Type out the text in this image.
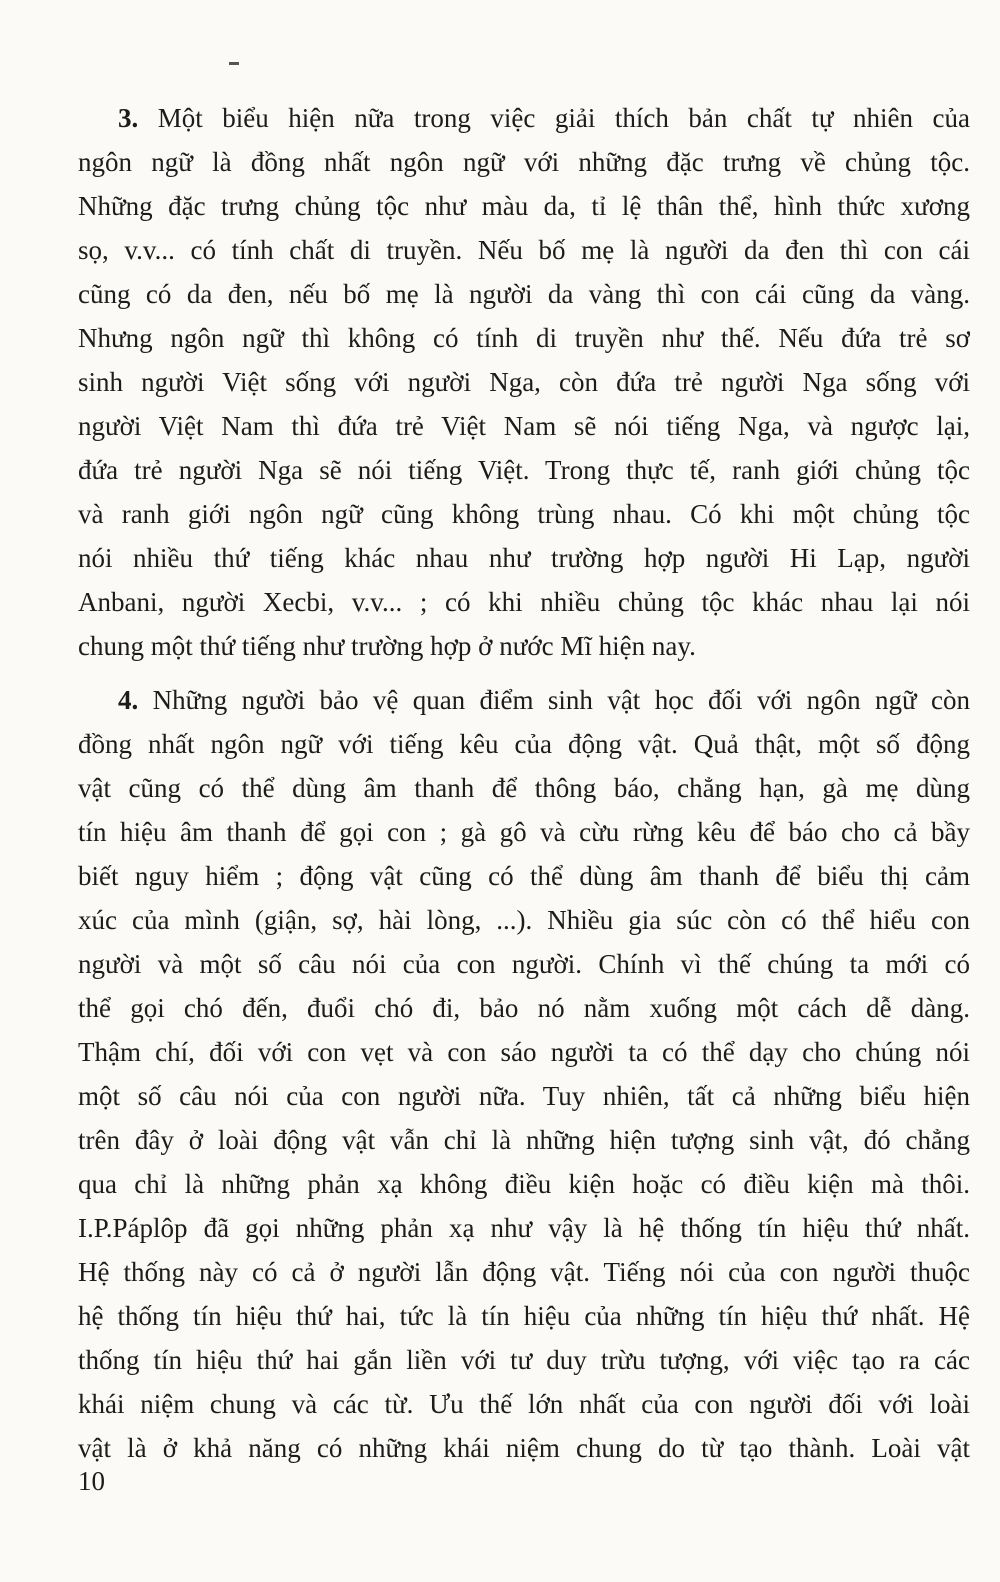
3. Một biểu hiện nữa trong việc giải thích bản chất tự nhiên của
ngôn ngữ là đồng nhất ngôn ngữ với những đặc trưng về chủng tộc.
Những đặc trưng chủng tộc như màu da, tỉ lệ thân thể, hình thức xương
sọ, v.v... có tính chất di truyền. Nếu bố mẹ là người da đen thì con cái
cũng có da đen, nếu bố mẹ là người da vàng thì con cái cũng da vàng.
Nhưng ngôn ngữ thì không có tính di truyền như thế. Nếu đứa trẻ sơ
sinh người Việt sống với người Nga, còn đứa trẻ người Nga sống với
người Việt Nam thì đứa trẻ Việt Nam sẽ nói tiếng Nga, và ngược lại,
đứa trẻ người Nga sẽ nói tiếng Việt. Trong thực tế, ranh giới chủng tộc
và ranh giới ngôn ngữ cũng không trùng nhau. Có khi một chủng tộc
nói nhiều thứ tiếng khác nhau như trường hợp người Hi Lạp, người
Anbani, người Xecbi, v.v... ; có khi nhiều chủng tộc khác nhau lại nói
chung một thứ tiếng như trường hợp ở nước Mĩ hiện nay.
4. Những người bảo vệ quan điểm sinh vật học đối với ngôn ngữ còn
đồng nhất ngôn ngữ với tiếng kêu của động vật. Quả thật, một số động
vật cũng có thể dùng âm thanh để thông báo, chẳng hạn, gà mẹ dùng
tín hiệu âm thanh để gọi con ; gà gô và cừu rừng kêu để báo cho cả bầy
biết nguy hiểm ; động vật cũng có thể dùng âm thanh để biểu thị cảm
xúc của mình (giận, sợ, hài lòng, ...). Nhiều gia súc còn có thể hiểu con
người và một số câu nói của con người. Chính vì thế chúng ta mới có
thể gọi chó đến, đuổi chó đi, bảo nó nằm xuống một cách dễ dàng.
Thậm chí, đối với con vẹt và con sáo người ta có thể dạy cho chúng nói
một số câu nói của con người nữa. Tuy nhiên, tất cả những biểu hiện
trên đây ở loài động vật vẫn chỉ là những hiện tượng sinh vật, đó chẳng
qua chỉ là những phản xạ không điều kiện hoặc có điều kiện mà thôi.
I.P.Páplôp đã gọi những phản xạ như vậy là hệ thống tín hiệu thứ nhất.
Hệ thống này có cả ở người lẫn động vật. Tiếng nói của con người thuộc
hệ thống tín hiệu thứ hai, tức là tín hiệu của những tín hiệu thứ nhất. Hệ
thống tín hiệu thứ hai gắn liền với tư duy trừu tượng, với việc tạo ra các
khái niệm chung và các từ. Ưu thế lớn nhất của con người đối với loài
vật là ở khả năng có những khái niệm chung do từ tạo thành. Loài vật
10
